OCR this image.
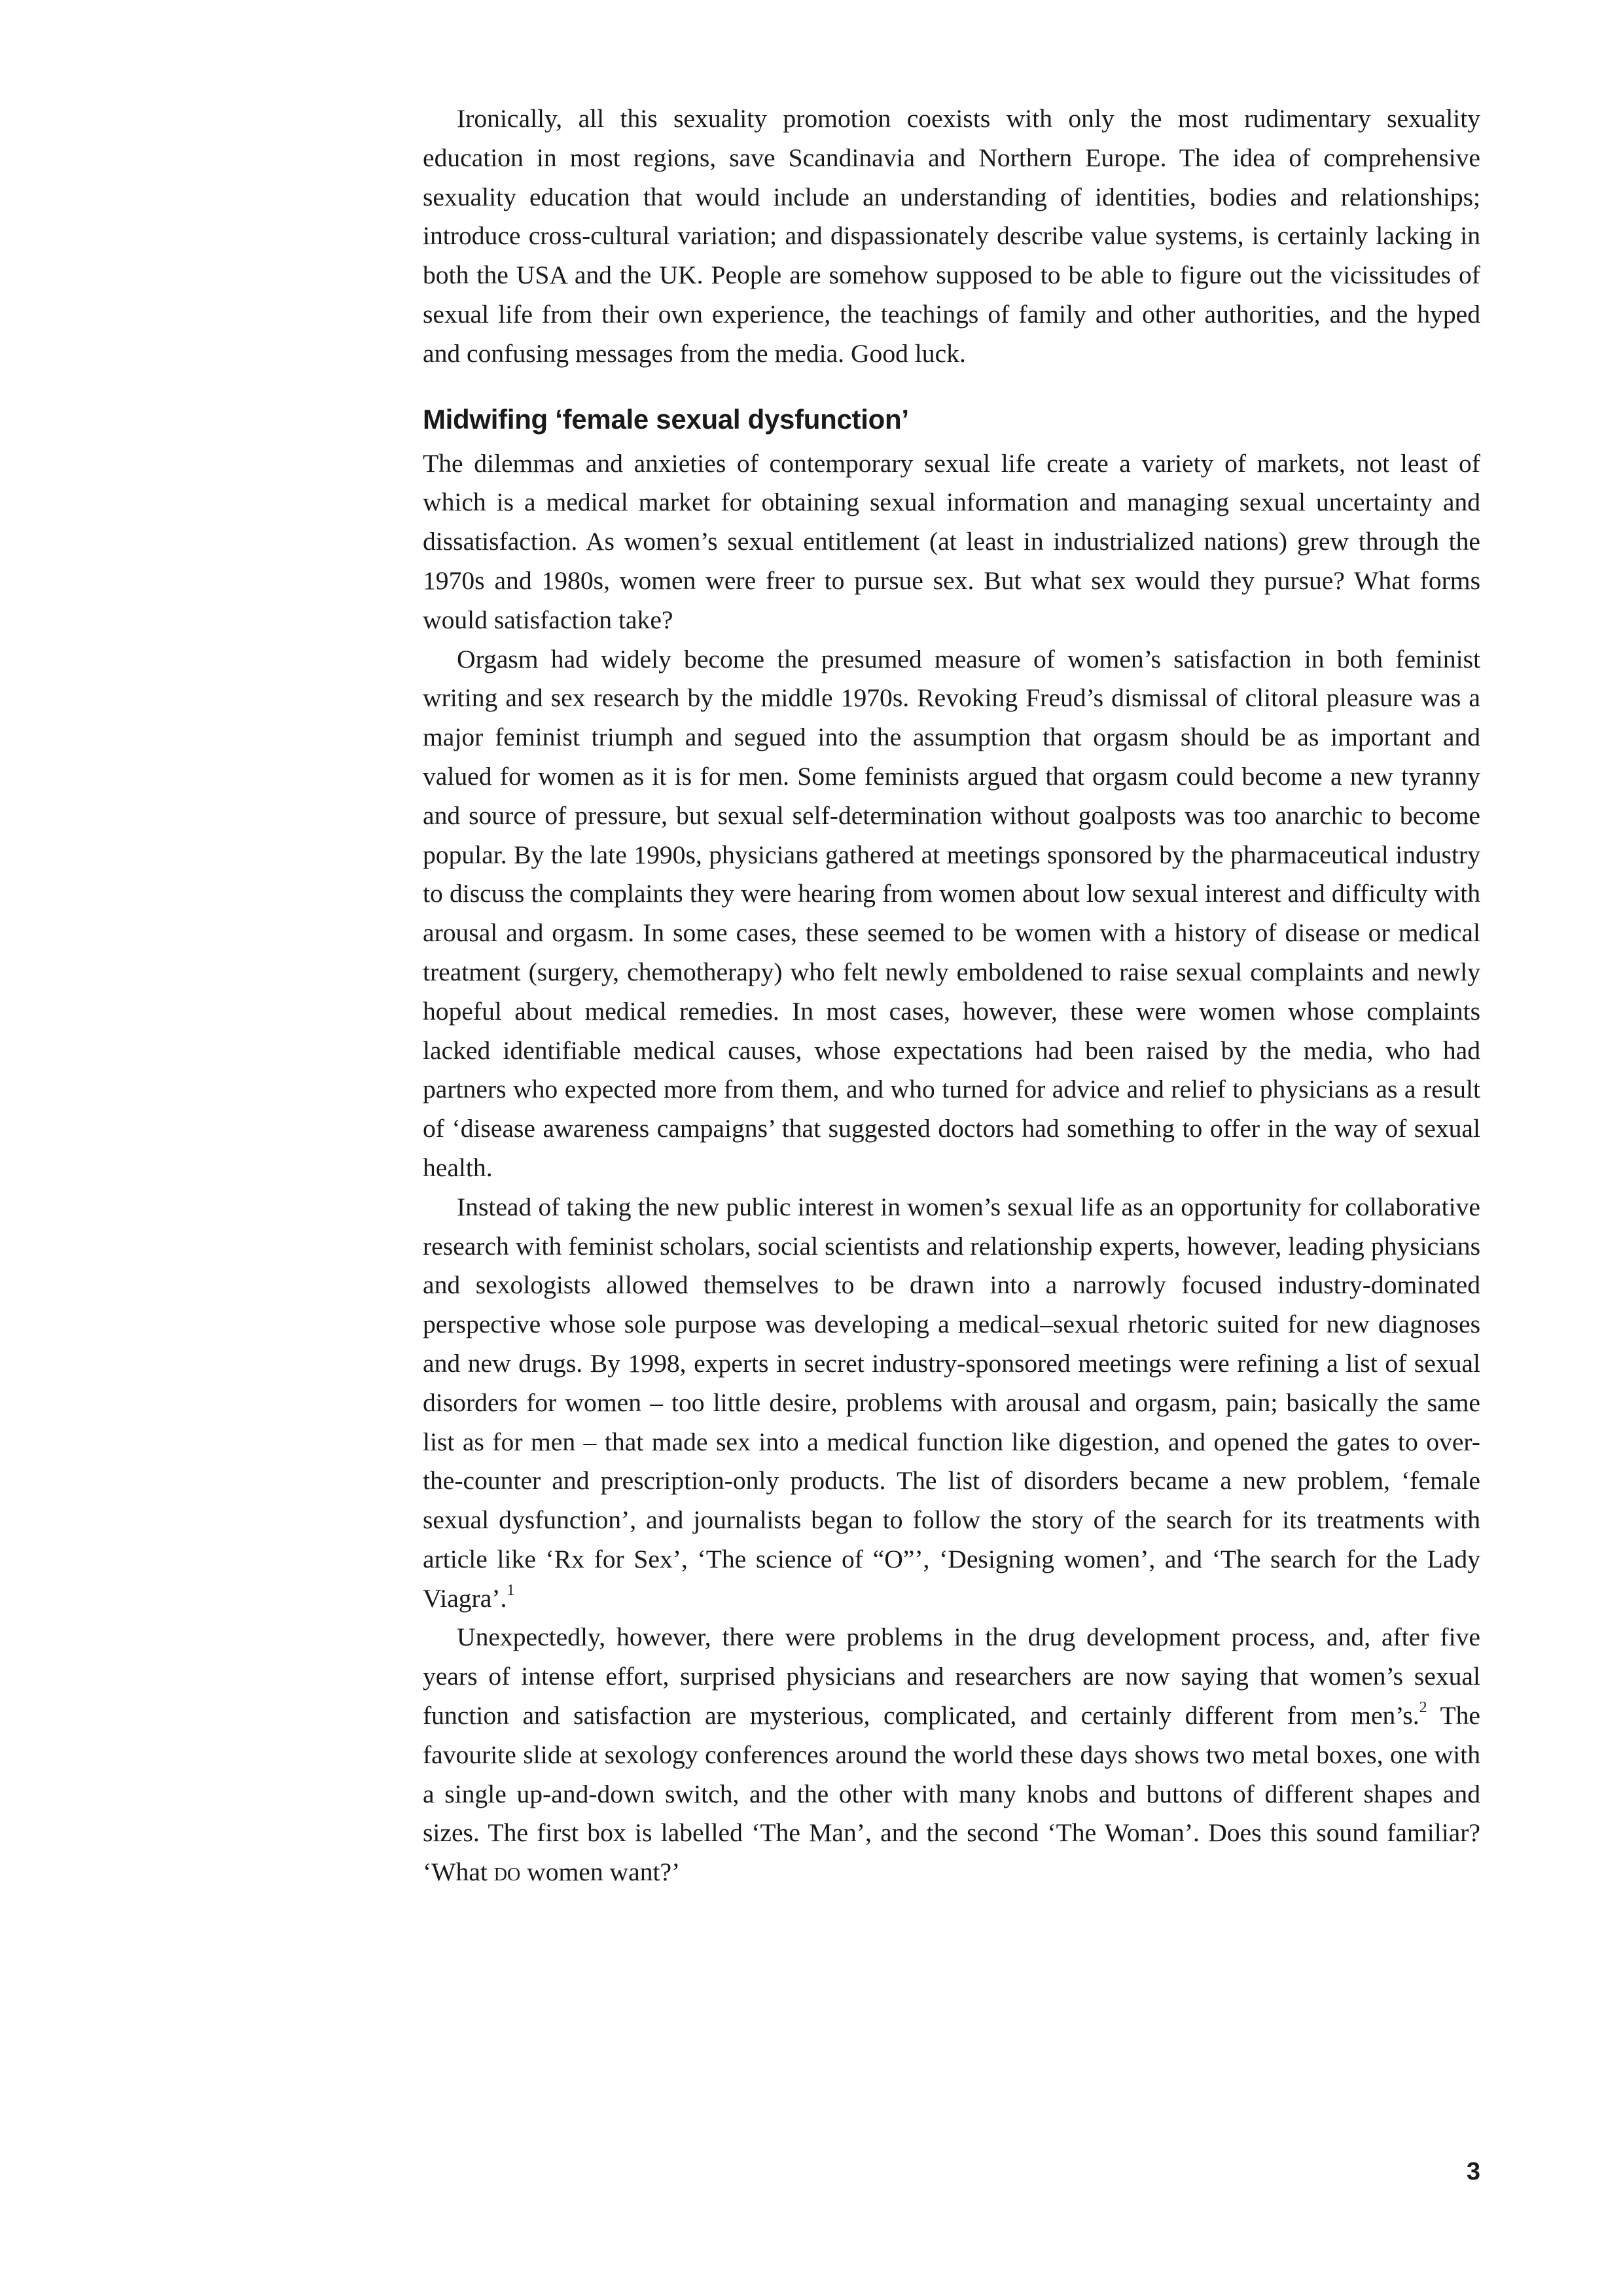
Ironically, all this sexuality promotion coexists with only the most rudimentary sexuality education in most regions, save Scandinavia and Northern Europe. The idea of comprehensive sexuality education that would include an understanding of identities, bodies and relationships; introduce cross-cultural variation; and dispassionately describe value systems, is certainly lacking in both the USA and the UK. People are somehow supposed to be able to figure out the vicissitudes of sexual life from their own experience, the teachings of family and other authorities, and the hyped and confusing messages from the media. Good luck.

Midwifing ‘female sexual dysfunction’

The dilemmas and anxieties of contemporary sexual life create a variety of markets, not least of which is a medical market for obtaining sexual information and managing sexual uncertainty and dissatisfaction. As women’s sexual entitlement (at least in industrialized nations) grew through the 1970s and 1980s, women were freer to pursue sex. But what sex would they pursue? What forms would satisfaction take?

Orgasm had widely become the presumed measure of women’s satisfaction in both feminist writing and sex research by the middle 1970s. Revoking Freud’s dismissal of clitoral pleasure was a major feminist triumph and segued into the assumption that orgasm should be as important and valued for women as it is for men. Some feminists argued that orgasm could become a new tyranny and source of pressure, but sexual self-determination without goalposts was too anarchic to become popular. By the late 1990s, physicians gathered at meetings sponsored by the pharmaceutical industry to discuss the complaints they were hearing from women about low sexual interest and difficulty with arousal and orgasm. In some cases, these seemed to be women with a history of disease or medical treatment (surgery, chemotherapy) who felt newly emboldened to raise sexual complaints and newly hopeful about medical remedies. In most cases, however, these were women whose complaints lacked identifiable medical causes, whose expectations had been raised by the media, who had partners who expected more from them, and who turned for advice and relief to physicians as a result of ‘disease awareness campaigns’ that suggested doctors had something to offer in the way of sexual health.

Instead of taking the new public interest in women’s sexual life as an opportunity for collaborative research with feminist scholars, social scientists and relationship experts, however, leading physicians and sexologists allowed themselves to be drawn into a narrowly focused industry-dominated perspective whose sole purpose was developing a medical–sexual rhetoric suited for new diagnoses and new drugs. By 1998, experts in secret industry-sponsored meetings were refining a list of sexual disorders for women – too little desire, problems with arousal and orgasm, pain; basically the same list as for men – that made sex into a medical function like digestion, and opened the gates to over-the-counter and prescription-only products. The list of disorders became a new problem, ‘female sexual dysfunction’, and journalists began to follow the story of the search for its treatments with article like ‘Rx for Sex’, ‘The science of “O”’, ‘Designing women’, and ‘The search for the Lady Viagra’.$^1$

Unexpectedly, however, there were problems in the drug development process, and, after five years of intense effort, surprised physicians and researchers are now saying that women’s sexual function and satisfaction are mysterious, complicated, and certainly different from men’s.$^2$ The favourite slide at sexology conferences around the world these days shows two metal boxes, one with a single up-and-down switch, and the other with many knobs and buttons of different shapes and sizes. The first box is labelled ‘The Man’, and the second ‘The Woman’. Does this sound familiar? ‘What do women want?’

3
